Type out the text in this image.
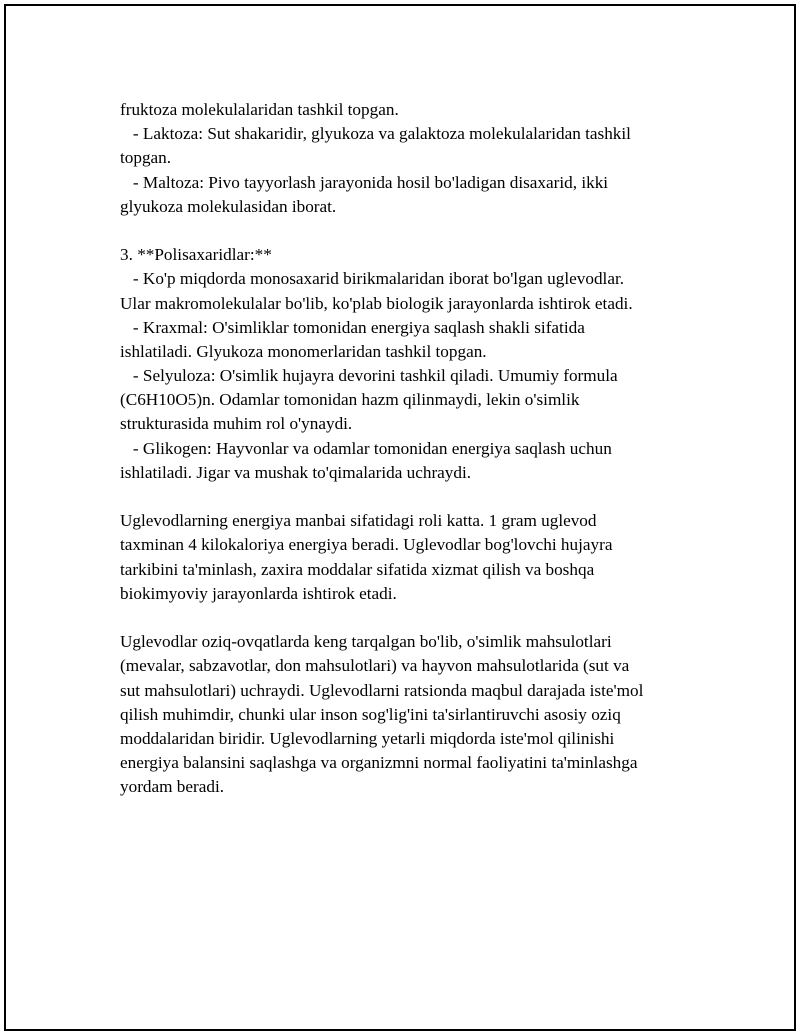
fruktoza molekulalaridan tashkil topgan.
- Laktoza: Sut shakaridir, glyukoza va galaktoza molekulalaridan tashkil
topgan.
- Maltoza: Pivo tayyorlash jarayonida hosil bo'ladigan disaxarid, ikki
glyukoza molekulasidan iborat.
3. **Polisaxaridlar:**
- Ko'p miqdorda monosaxarid birikmalaridan iborat bo'lgan uglevodlar.
Ular makromolekulalar bo'lib, ko'plab biologik jarayonlarda ishtirok etadi.
- Kraxmal: O'simliklar tomonidan energiya saqlash shakli sifatida
ishlatiladi. Glyukoza monomerlaridan tashkil topgan.
- Selyuloza: O'simlik hujayra devorini tashkil qiladi. Umumiy formula
(C6H10O5)n. Odamlar tomonidan hazm qilinmaydi, lekin o'simlik
strukturasida muhim rol o'ynaydi.
- Glikogen: Hayvonlar va odamlar tomonidan energiya saqlash uchun
ishlatiladi. Jigar va mushak to'qimalarida uchraydi.
Uglevodlarning energiya manbai sifatidagi roli katta. 1 gram uglevod
taxminan 4 kilokaloriya energiya beradi. Uglevodlar bog'lovchi hujayra
tarkibini ta'minlash, zaxira moddalar sifatida xizmat qilish va boshqa
biokimyoviy jarayonlarda ishtirok etadi.
Uglevodlar oziq-ovqatlarda keng tarqalgan bo'lib, o'simlik mahsulotlari
(mevalar, sabzavotlar, don mahsulotlari) va hayvon mahsulotlarida (sut va
sut mahsulotlari) uchraydi. Uglevodlarni ratsionda maqbul darajada iste'mol
qilish muhimdir, chunki ular inson sog'lig'ini ta'sirlantiruvchi asosiy oziq
moddalaridan biridir. Uglevodlarning yetarli miqdorda iste'mol qilinishi
energiya balansini saqlashga va organizmni normal faoliyatini ta'minlashga
yordam beradi.
